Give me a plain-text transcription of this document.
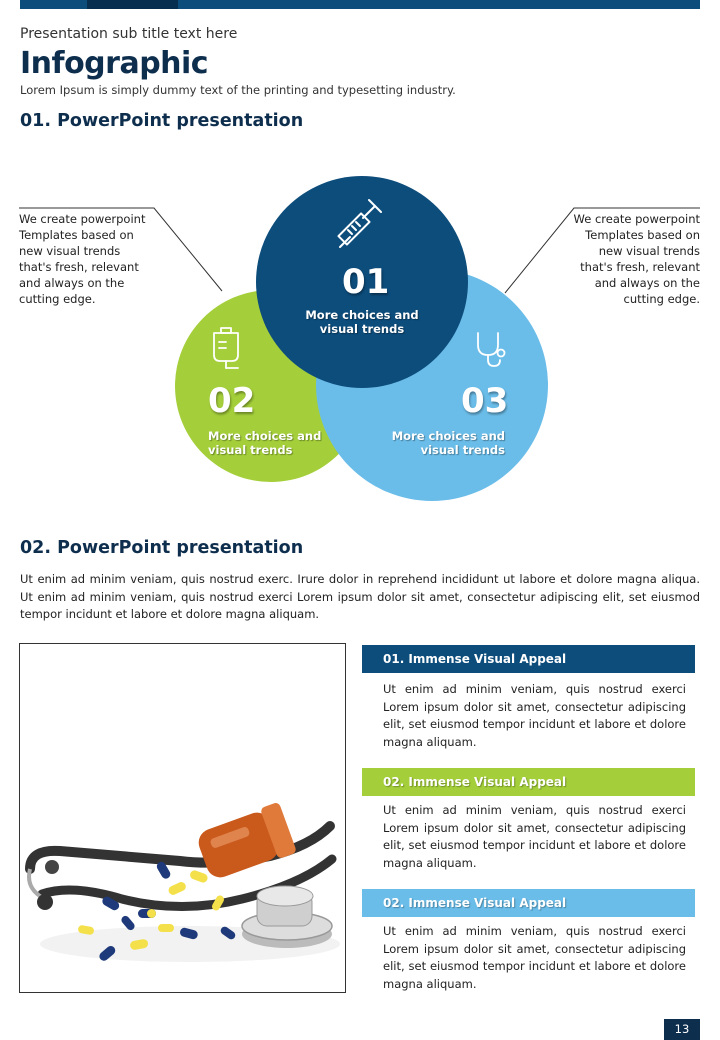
Presentation sub title text here
Infographic
Lorem Ipsum is simply dummy text of the printing and typesetting industry.
01. PowerPoint presentation
We create powerpoint Templates based on new visual trends that's fresh, relevant and always on the cutting edge.
We create powerpoint Templates based on new visual trends that's fresh, relevant and always on the cutting edge.
01
More choices and
visual trends
02
More choices and
visual trends
03
More choices and
visual trends
02. PowerPoint presentation
Ut enim ad minim veniam, quis nostrud exerc. Irure dolor in reprehend incididunt ut labore et dolore magna aliqua. Ut enim ad minim veniam, quis nostrud exerci Lorem ipsum dolor sit amet, consectetur adipiscing elit, set eiusmod tempor incidunt et labore et dolore magna aliquam.
01. Immense Visual Appeal
Ut enim ad minim veniam, quis nostrud exerci Lorem ipsum dolor sit amet, consectetur adipiscing elit, set eiusmod tempor incidunt et labore et dolore magna aliquam.
02. Immense Visual Appeal
Ut enim ad minim veniam, quis nostrud exerci Lorem ipsum dolor sit amet, consectetur adipiscing elit, set eiusmod tempor incidunt et labore et dolore magna aliquam.
02. Immense Visual Appeal
Ut enim ad minim veniam, quis nostrud exerci Lorem ipsum dolor sit amet, consectetur adipiscing elit, set eiusmod tempor incidunt et labore et dolore magna aliquam.
13
